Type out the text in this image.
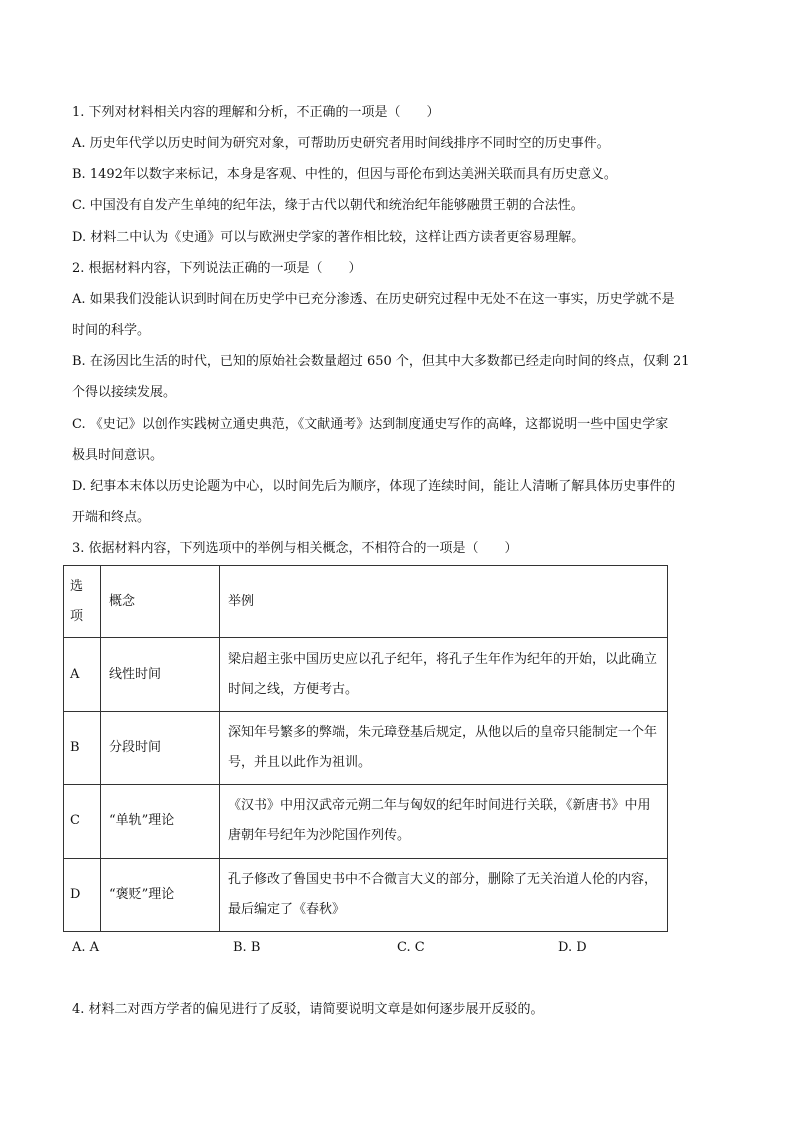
1. 下列对材料相关内容的理解和分析，不正确的一项是（　　）
A. 历史年代学以历史时间为研究对象，可帮助历史研究者用时间线排序不同时空的历史事件。
B. 1492年以数字来标记，本身是客观、中性的，但因与哥伦布到达美洲关联而具有历史意义。
C. 中国没有自发产生单纯的纪年法，缘于古代以朝代和统治纪年能够融贯王朝的合法性。
D. 材料二中认为《史通》可以与欧洲史学家的著作相比较，这样让西方读者更容易理解。
2. 根据材料内容，下列说法正确的一项是（　　）
A. 如果我们没能认识到时间在历史学中已充分渗透、在历史研究过程中无处不在这一事实，历史学就不是
时间的科学。
B. 在汤因比生活的时代，已知的原始社会数量超过 650 个，但其中大多数都已经走向时间的终点，仅剩 21
个得以接续发展。
C. 《史记》以创作实践树立通史典范，《文献通考》达到制度通史写作的高峰，这都说明一些中国史学家
极具时间意识。
D. 纪事本末体以历史论题为中心，以时间先后为顺序，体现了连续时间，能让人清晰了解具体历史事件的
开端和终点。
3. 依据材料内容，下列选项中的举例与相关概念，不相符合的一项是（　　）
选项	概念	举例
A	线性时间	梁启超主张中国历史应以孔子纪年，将孔子生年作为纪年的开始，以此确立时间之线，方便考古。
B	分段时间	深知年号繁多的弊端，朱元璋登基后规定，从他以后的皇帝只能制定一个年号，并且以此作为祖训。
C	“单轨”理论	《汉书》中用汉武帝元朔二年与匈奴的纪年时间进行关联，《新唐书》中用唐朝年号纪年为沙陀国作列传。
D	“褒贬”理论	孔子修改了鲁国史书中不合微言大义的部分，删除了无关治道人伦的内容，最后编定了《春秋》
A. A	B. B	C. C	D. D
4. 材料二对西方学者的偏见进行了反驳，请简要说明文章是如何逐步展开反驳的。
